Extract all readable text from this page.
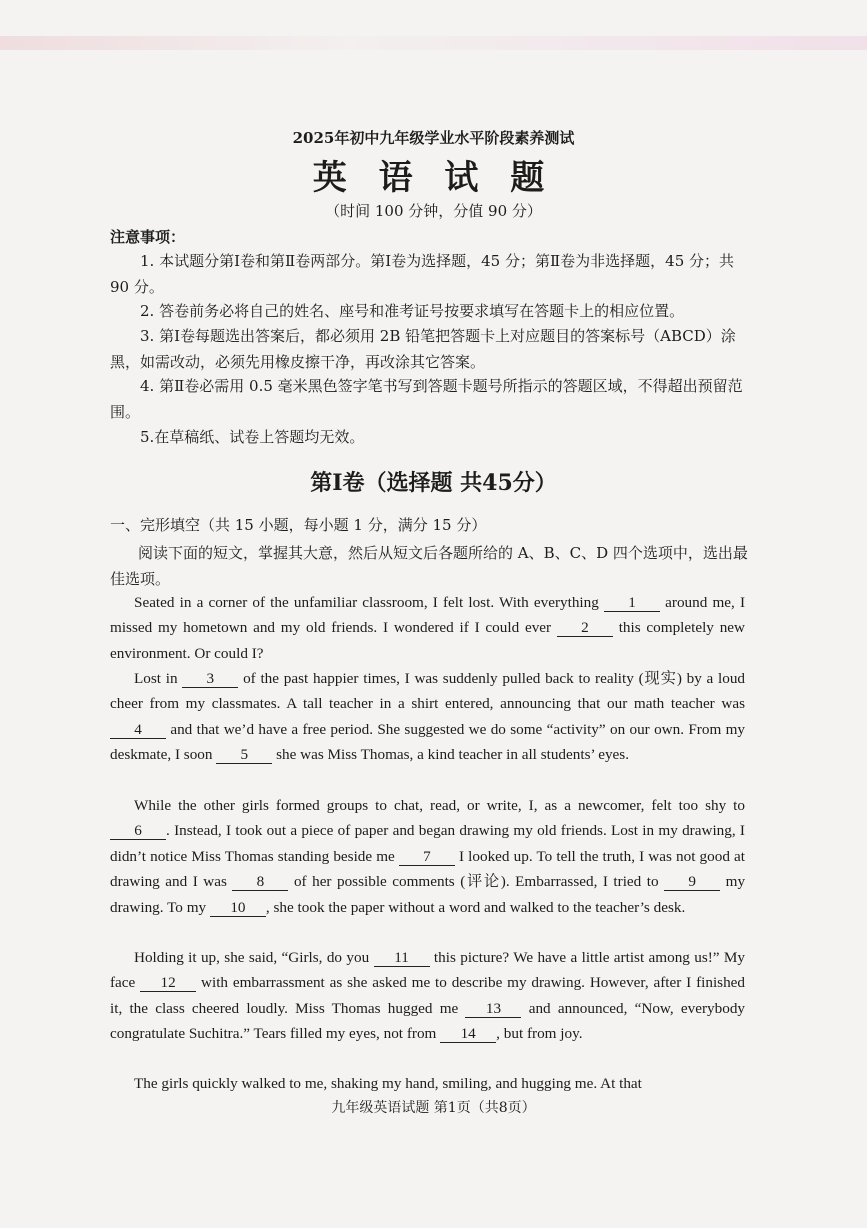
2025年初中九年级学业水平阶段素养测试
英 语 试 题
（时间 100 分钟，分值 90 分）
注意事项：
1. 本试题分第Ⅰ卷和第Ⅱ卷两部分。第Ⅰ卷为选择题，45 分；第Ⅱ卷为非选择题，45 分；共 90 分。
2. 答卷前务必将自己的姓名、座号和准考证号按要求填写在答题卡上的相应位置。
3. 第Ⅰ卷每题选出答案后，都必须用 2B 铅笔把答题卡上对应题目的答案标号（ABCD）涂黑，如需改动，必须先用橡皮擦干净，再改涂其它答案。
4. 第Ⅱ卷必需用 0.5 毫米黑色签字笔书写到答题卡题号所指示的答题区域，不得超出预留范围。
5.在草稿纸、试卷上答题均无效。
第Ⅰ卷（选择题 共45分）
一、完形填空（共 15 小题，每小题 1 分，满分 15 分）
阅读下面的短文，掌握其大意，然后从短文后各题所给的 A、B、C、D 四个选项中，选出最佳选项。
Seated in a corner of the unfamiliar classroom, I felt lost. With everything 1 around me, I missed my hometown and my old friends. I wondered if I could ever 2 this completely new environment. Or could I?
Lost in 3 of the past happier times, I was suddenly pulled back to reality (现实) by a loud cheer from my classmates. A tall teacher in a shirt entered, announcing that our math teacher was 4 and that we’d have a free period. She suggested we do some “activity” on our own. From my deskmate, I soon 5 she was Miss Thomas, a kind teacher in all students’ eyes.
While the other girls formed groups to chat, read, or write, I, as a newcomer, felt too shy to 6 . Instead, I took out a piece of paper and began drawing my old friends. Lost in my drawing, I didn’t notice Miss Thomas standing beside me 7 I looked up. To tell the truth, I was not good at drawing and I was 8 of her possible comments (评论). Embarrassed, I tried to 9 my drawing. To my 10 , she took the paper without a word and walked to the teacher’s desk.
Holding it up, she said, “Girls, do you 11 this picture? We have a little artist among us!” My face 12 with embarrassment as she asked me to describe my drawing. However, after I finished it, the class cheered loudly. Miss Thomas hugged me 13 and announced, “Now, everybody congratulate Suchitra.” Tears filled my eyes, not from 14 , but from joy.
The girls quickly walked to me, shaking my hand, smiling, and hugging me. At that
九年级英语试题 第1页（共8页）
